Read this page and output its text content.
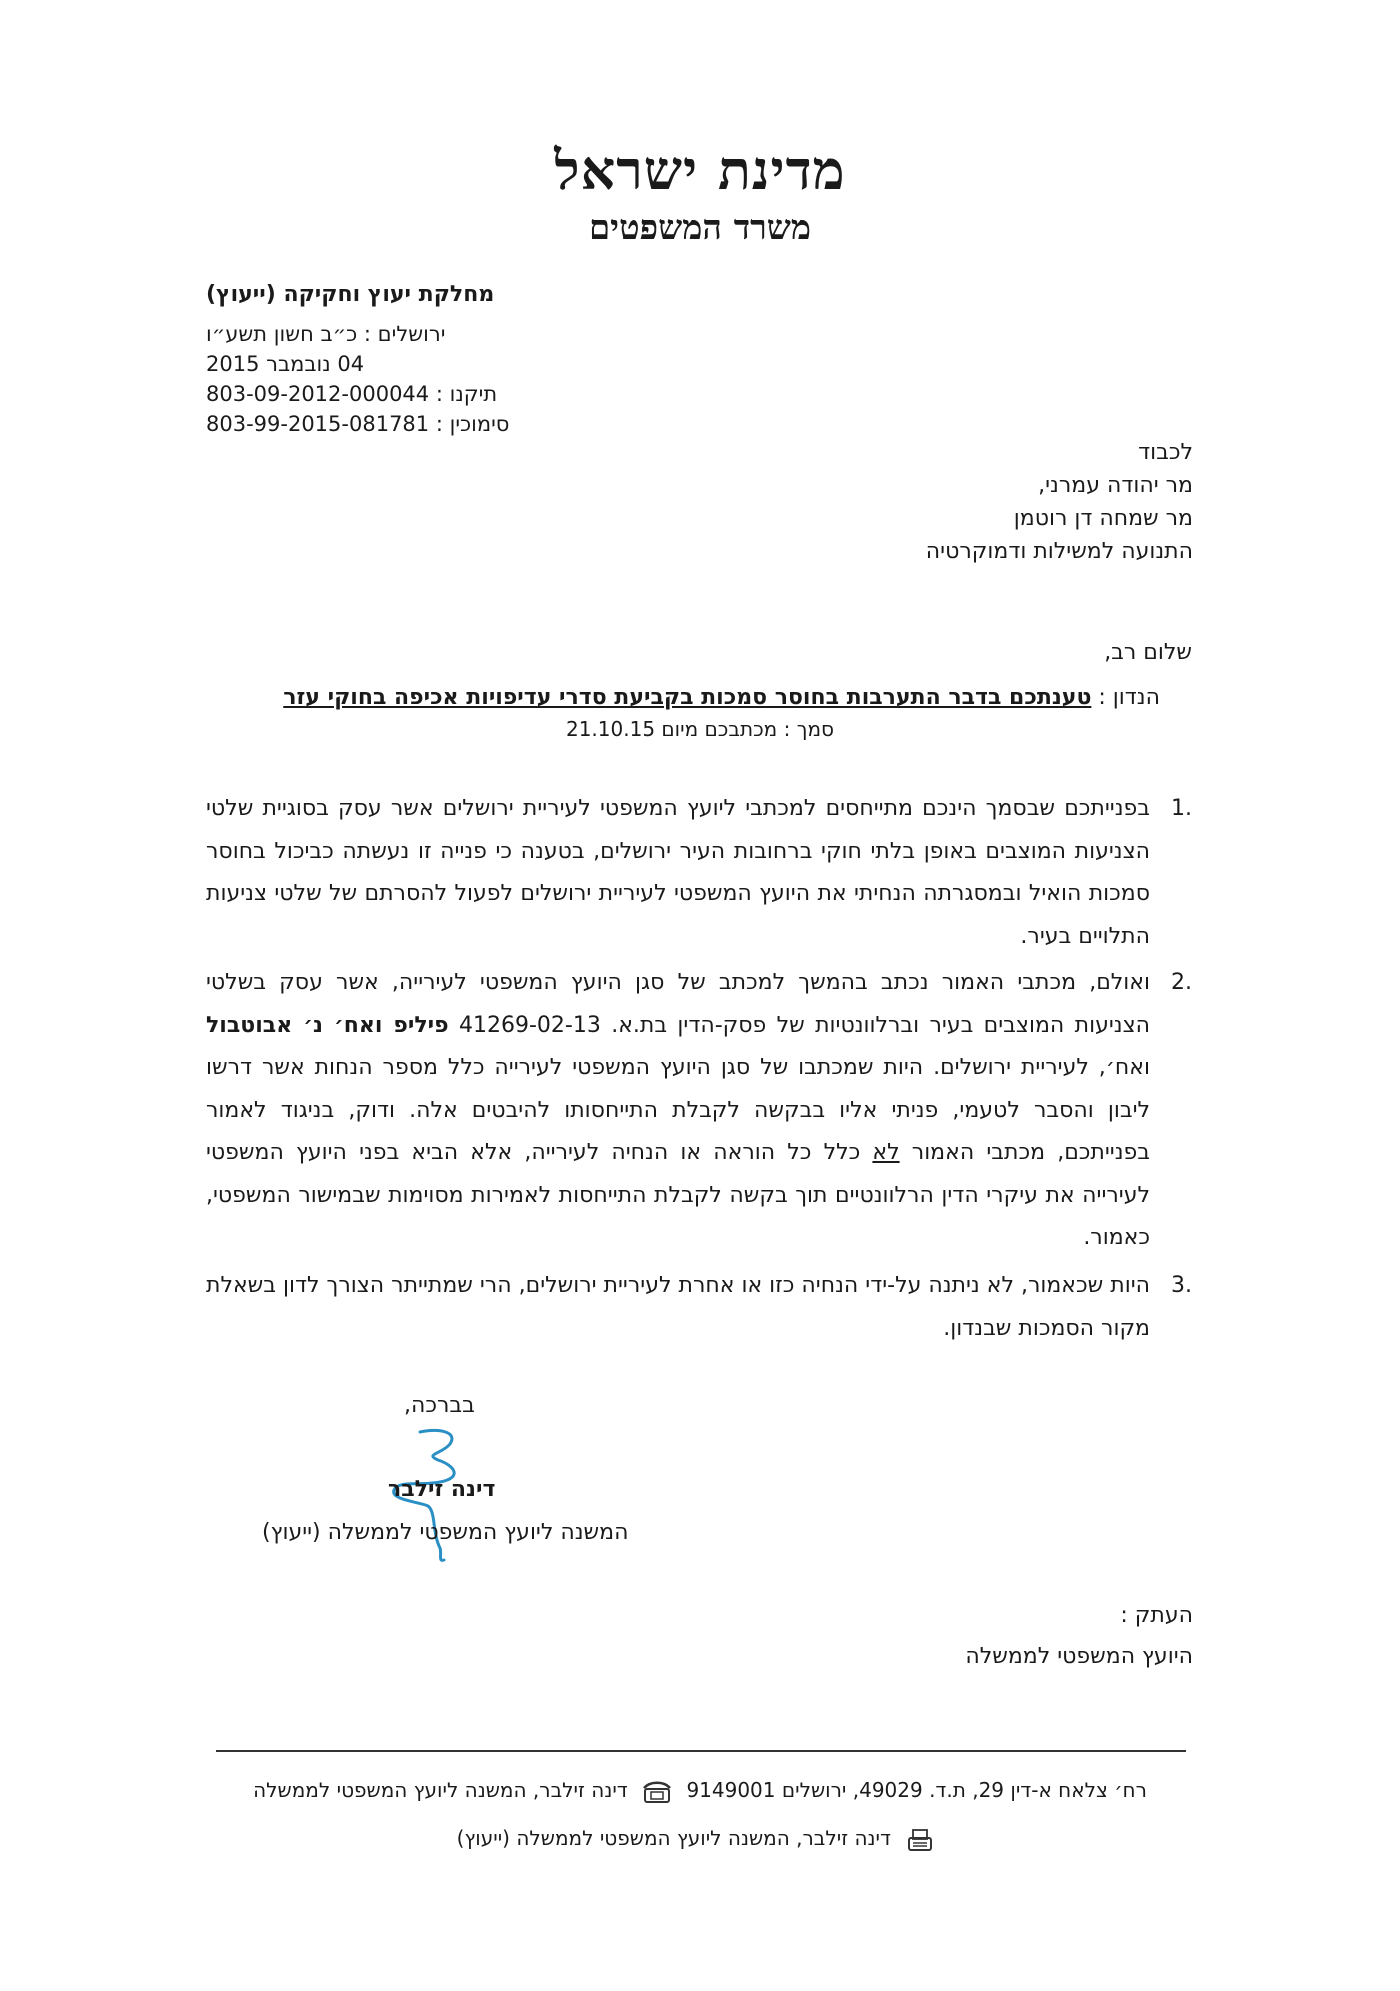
מדינת ישראל
משרד המשפטים
מחלקת יעוץ וחקיקה (ייעוץ)
ירושלים : כ״ב חשון תשע״ו
04 נובמבר 2015
תיקנו : 803-09-2012-000044
סימוכין : 803-99-2015-081781
לכבוד
מר יהודה עמרני,
מר שמחה דן רוטמן
התנועה למשילות ודמוקרטיה
שלום רב,
הנדון : טענתכם בדבר התערבות בחוסר סמכות בקביעת סדרי עדיפויות אכיפה בחוקי עזר
סמך : מכתבכם מיום 21.10.15
.1
בפנייתכם שבסמך הינכם מתייחסים למכתבי ליועץ המשפטי לעיריית ירושלים אשר עסק בסוגיית שלטי הצניעות המוצבים באופן בלתי חוקי ברחובות העיר ירושלים, בטענה כי פנייה זו נעשתה כביכול בחוסר סמכות הואיל ובמסגרתה הנחיתי את היועץ המשפטי לעיריית ירושלים לפעול להסרתם של שלטי צניעות התלויים בעיר.
.2
ואולם, מכתבי האמור נכתב בהמשך למכתב של סגן היועץ המשפטי לעירייה, אשר עסק בשלטי הצניעות המוצבים בעיר וברלוונטיות של פסק-הדין בת.א. 41269-02-13 פיליפ ואח׳ נ׳ אבוטבול ואח׳, לעיריית ירושלים. היות שמכתבו של סגן היועץ המשפטי לעירייה כלל מספר הנחות אשר דרשו ליבון והסבר לטעמי, פניתי אליו בבקשה לקבלת התייחסותו להיבטים אלה. ודוק, בניגוד לאמור בפנייתכם, מכתבי האמור לא כלל כל הוראה או הנחיה לעירייה, אלא הביא בפני היועץ המשפטי לעירייה את עיקרי הדין הרלוונטיים תוך בקשה לקבלת התייחסות לאמירות מסוימות שבמישור המשפטי, כאמור.
.3
היות שכאמור, לא ניתנה על-ידי הנחיה כזו או אחרת לעיריית ירושלים, הרי שמתייתר הצורך לדון בשאלת מקור הסמכות שבנדון.
בברכה,
דינה זילבר
המשנה ליועץ המשפטי לממשלה (ייעוץ)
העתק :
היועץ המשפטי לממשלה
רח׳ צלאח א-דין 29, ת.ד. 49029, ירושלים 9149001  דינה זילבר, המשנה ליועץ המשפטי לממשלה
דינה זילבר, המשנה ליועץ המשפטי לממשלה (ייעוץ)
